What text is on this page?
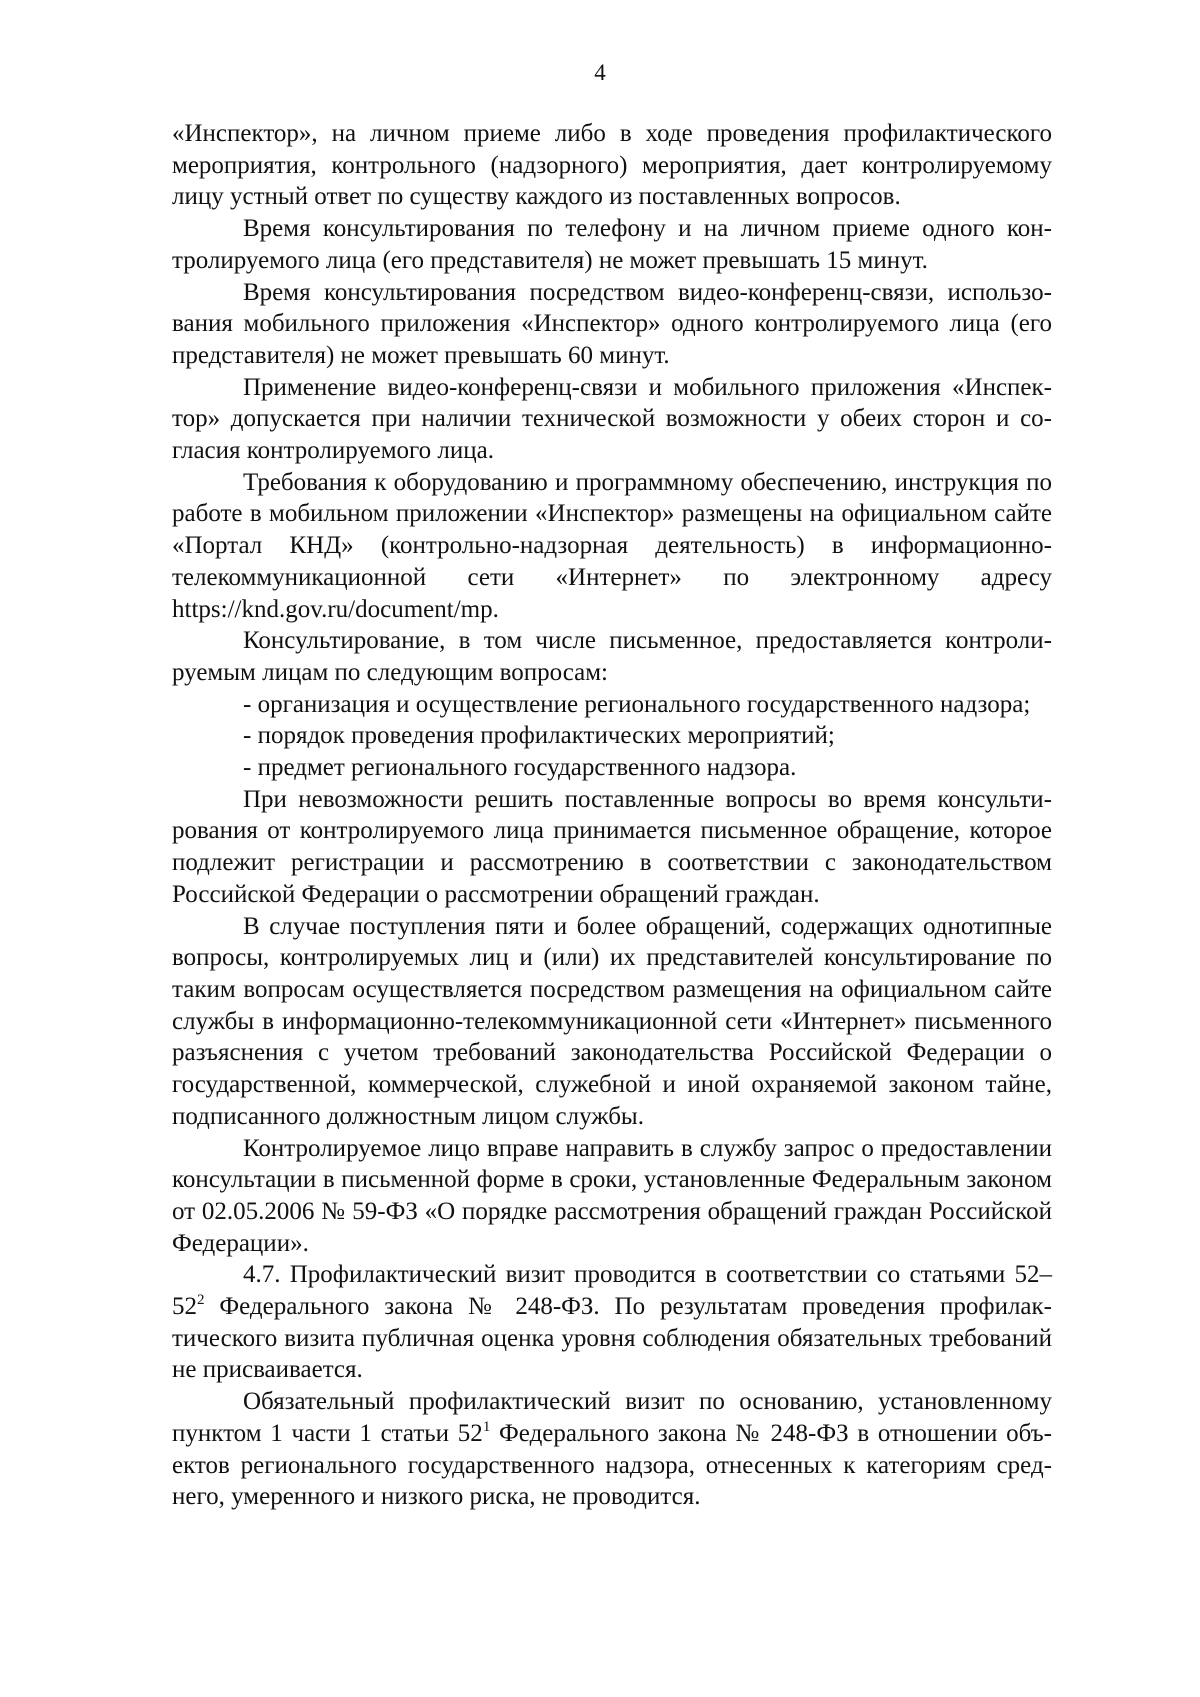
4

«Инспектор», на личном приеме либо в ходе проведения профилактического мероприятия, контрольного (надзорного) мероприятия, дает контролируемому лицу устный ответ по существу каждого из поставленных вопросов.

Время консультирования по телефону и на личном приеме одного контролируемого лица (его представителя) не может превышать 15 минут.

Время консультирования посредством видео-конференц-связи, использования мобильного приложения «Инспектор» одного контролируемого лица (его представителя) не может превышать 60 минут.

Применение видео-конференц-связи и мобильного приложения «Инспектор» допускается при наличии технической возможности у обеих сторон и согласия контролируемого лица.

Требования к оборудованию и программному обеспечению, инструкция по работе в мобильном приложении «Инспектор» размещены на официальном сайте «Портал КНД» (контрольно-надзорная деятельность) в информационно-телекоммуникационной сети «Интернет» по электронному адресу https://knd.gov.ru/document/mp.

Консультирование, в том числе письменное, предоставляется контролируемым лицам по следующим вопросам:

- организация и осуществление регионального государственного надзора;

- порядок проведения профилактических мероприятий;

- предмет регионального государственного надзора.

При невозможности решить поставленные вопросы во время консультирования от контролируемого лица принимается письменное обращение, которое подлежит регистрации и рассмотрению в соответствии с законодательством Российской Федерации о рассмотрении обращений граждан.

В случае поступления пяти и более обращений, содержащих однотипные вопросы, контролируемых лиц и (или) их представителей консультирование по таким вопросам осуществляется посредством размещения на официальном сайте службы в информационно-телекоммуникационной сети «Интернет» письменного разъяснения с учетом требований законодательства Российской Федерации о государственной, коммерческой, служебной и иной охраняемой законом тайне, подписанного должностным лицом службы.

Контролируемое лицо вправе направить в службу запрос о предоставлении консультации в письменной форме в сроки, установленные Федеральным законом от 02.05.2006 № 59-ФЗ «О порядке рассмотрения обращений граждан Российской Федерации».

4.7. Профилактический визит проводится в соответствии со статьями $52-52^2$ Федерального закона № 248-ФЗ. По результатам проведения профилактического визита публичная оценка уровня соблюдения обязательных требований не присваивается.

Обязательный профилактический визит по основанию, установленному пунктом 1 части 1 статьи $52^1$ Федерального закона № 248-ФЗ в отношении объектов регионального государственного надзора, отнесенных к категориям среднего, умеренного и низкого риска, не проводится.
